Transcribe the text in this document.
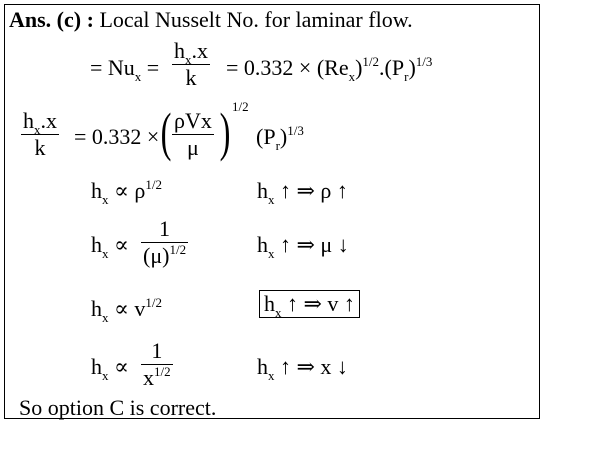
Ans. (c) : Local Nusselt No. for laminar flow.
= $Nu_x$ =
$h_x.x$
k	= $0.332 \times (Re_x)^{1/2}.(P_r)^{1/3}$
$h_x.x$
k	= 0.332 × ( ρVx
μ ) 1/2
$(P_r)^{1/3}$
$h_x \propto \rho^{1/2}$	$h_x$ ↑ ⇒ ρ ↑
$h_x$ ∝
1
$(\mu)^{1/2}$	$h_x$ ↑ ⇒ μ ↓
$h_x \propto v^{1/2}$	$h_x$ ↑ ⇒ v ↑
$h_x$ ∝
1
$x^{1/2}$	$h_x$ ↑ ⇒ x ↓
So option C is correct.
